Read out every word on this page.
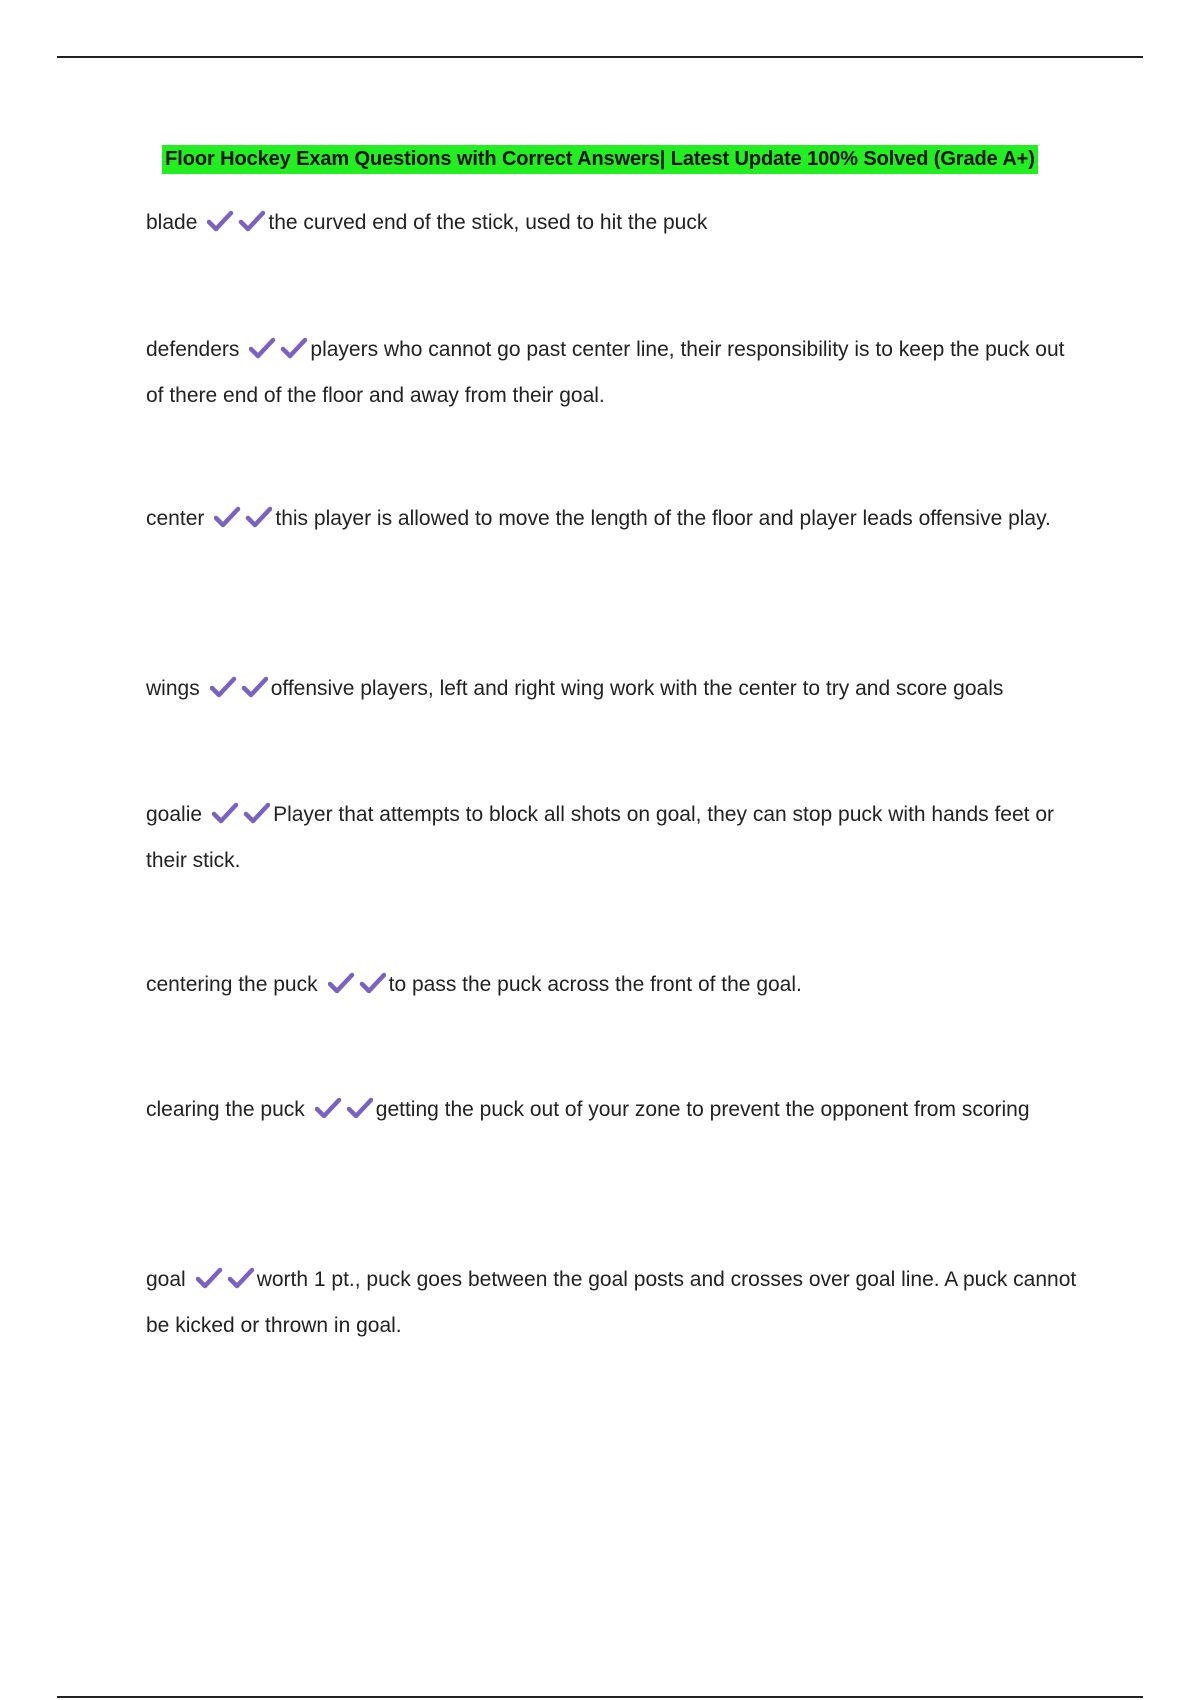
Floor Hockey Exam Questions with Correct Answers| Latest Update 100% Solved (Grade A+)
blade	the curved end of the stick, used to hit the puck
defenders	players who cannot go past center line, their responsibility is to keep the puck out of there end of the floor and away from their goal.
center	this player is allowed to move the length of the floor and player leads offensive play.
wings	offensive players, left and right wing work with the center to try and score goals
goalie	Player that attempts to block all shots on goal, they can stop puck with hands feet or their stick.
centering the puck	to pass the puck across the front of the goal.
clearing the puck	getting the puck out of your zone to prevent the opponent from scoring
goal	worth 1 pt., puck goes between the goal posts and crosses over goal line. A puck cannot be kicked or thrown in goal.
